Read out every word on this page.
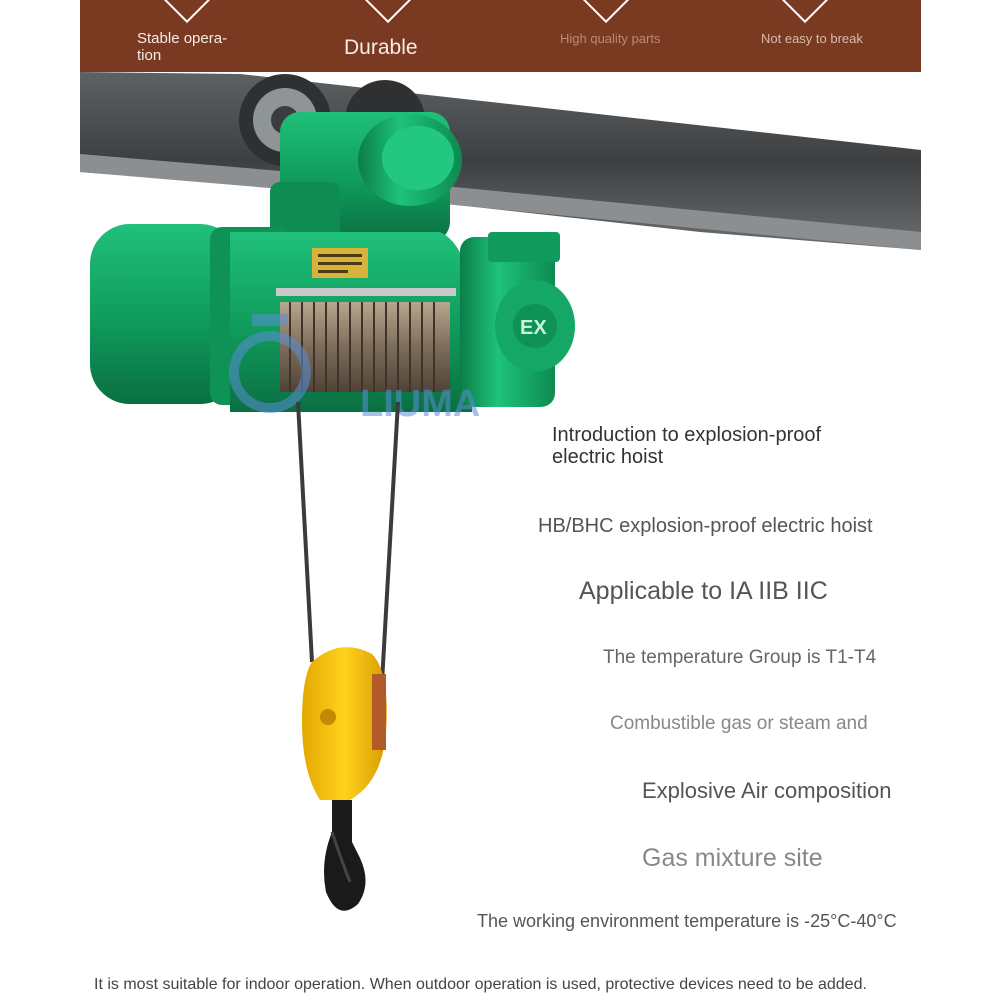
Stable opera-tion	Durable	High quality parts	Not easy to break
EX
LIUMA
Introduction to explosion-proof electric hoist
HB/BHC explosion-proof electric hoist
Applicable to IA IIB IIC
The temperature Group is T1-T4
Combustible gas or steam and
Explosive Air composition
Gas mixture site
The working environment temperature is -25°C-40°C
It is most suitable for indoor operation. When outdoor operation is used, protective devices need to be added.
